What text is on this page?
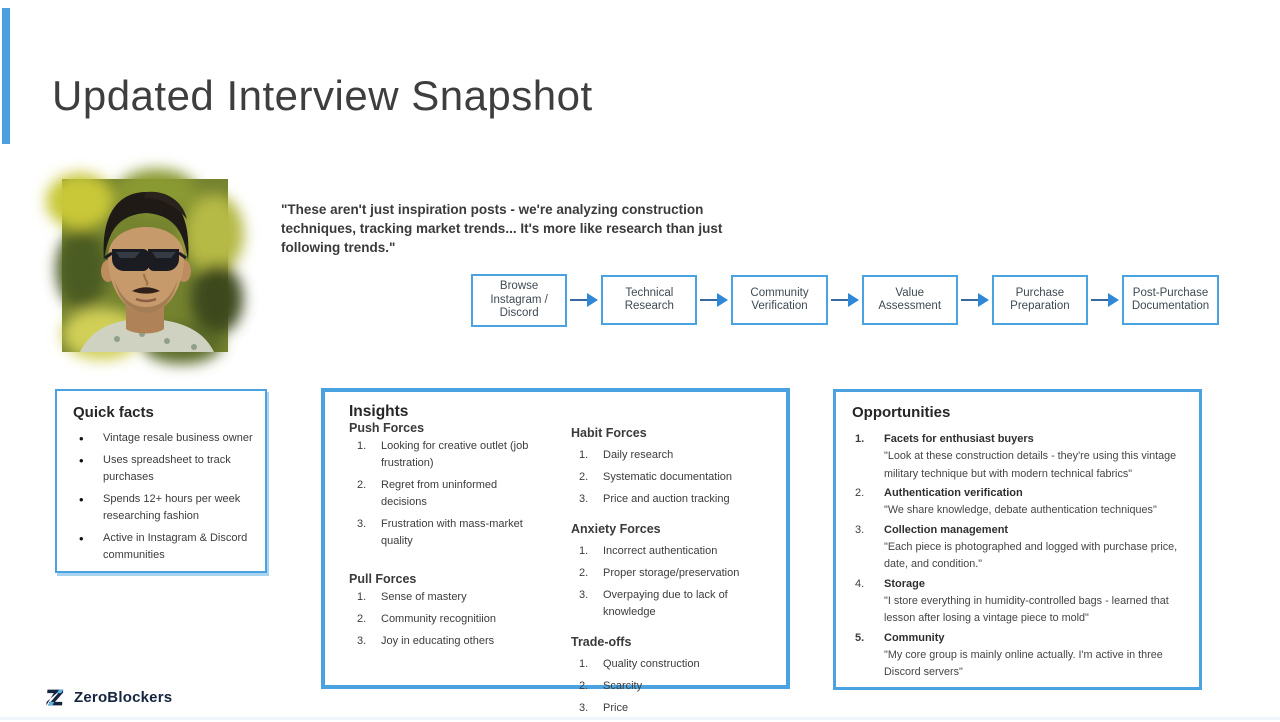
Updated Interview Snapshot
"These aren't just inspiration posts - we're analyzing construction techniques, tracking market trends... It's more like research than just following trends."
Browse Instagram / Discord
Technical Research
Community Verification
Value Assessment
Purchase Preparation
Post-Purchase Documentation
Quick facts
• Vintage resale business owner
• Uses spreadsheet to track purchases
• Spends 12+ hours per week researching fashion
• Active in Instagram & Discord communities
Insights
Push Forces
Looking for creative outlet (job frustration)
Regret from uninformed decisions
Frustration with mass-market quality
Pull Forces
Sense of mastery
Community recognitiion
Joy in educating others
Habit Forces
Daily research
Systematic documentation
Price and auction tracking
Anxiety Forces
Incorrect authentication
Proper storage/preservation
Overpaying due to lack of knowledge
Trade-offs
Quality construction
Scarcity
Price
Opportunities
Facets for enthusiast buyers
"Look at these construction details - they're using this vintage military technique but with modern technical fabrics"
Authentication verification
"We share knowledge, debate authentication techniques"
Collection management
"Each piece is photographed and logged with purchase price, date, and condition."
Storage
"I store everything in humidity-controlled bags - learned that lesson after losing a vintage piece to mold"
Community
"My core group is mainly online actually. I'm active in three Discord servers"
ZeroBlockers
